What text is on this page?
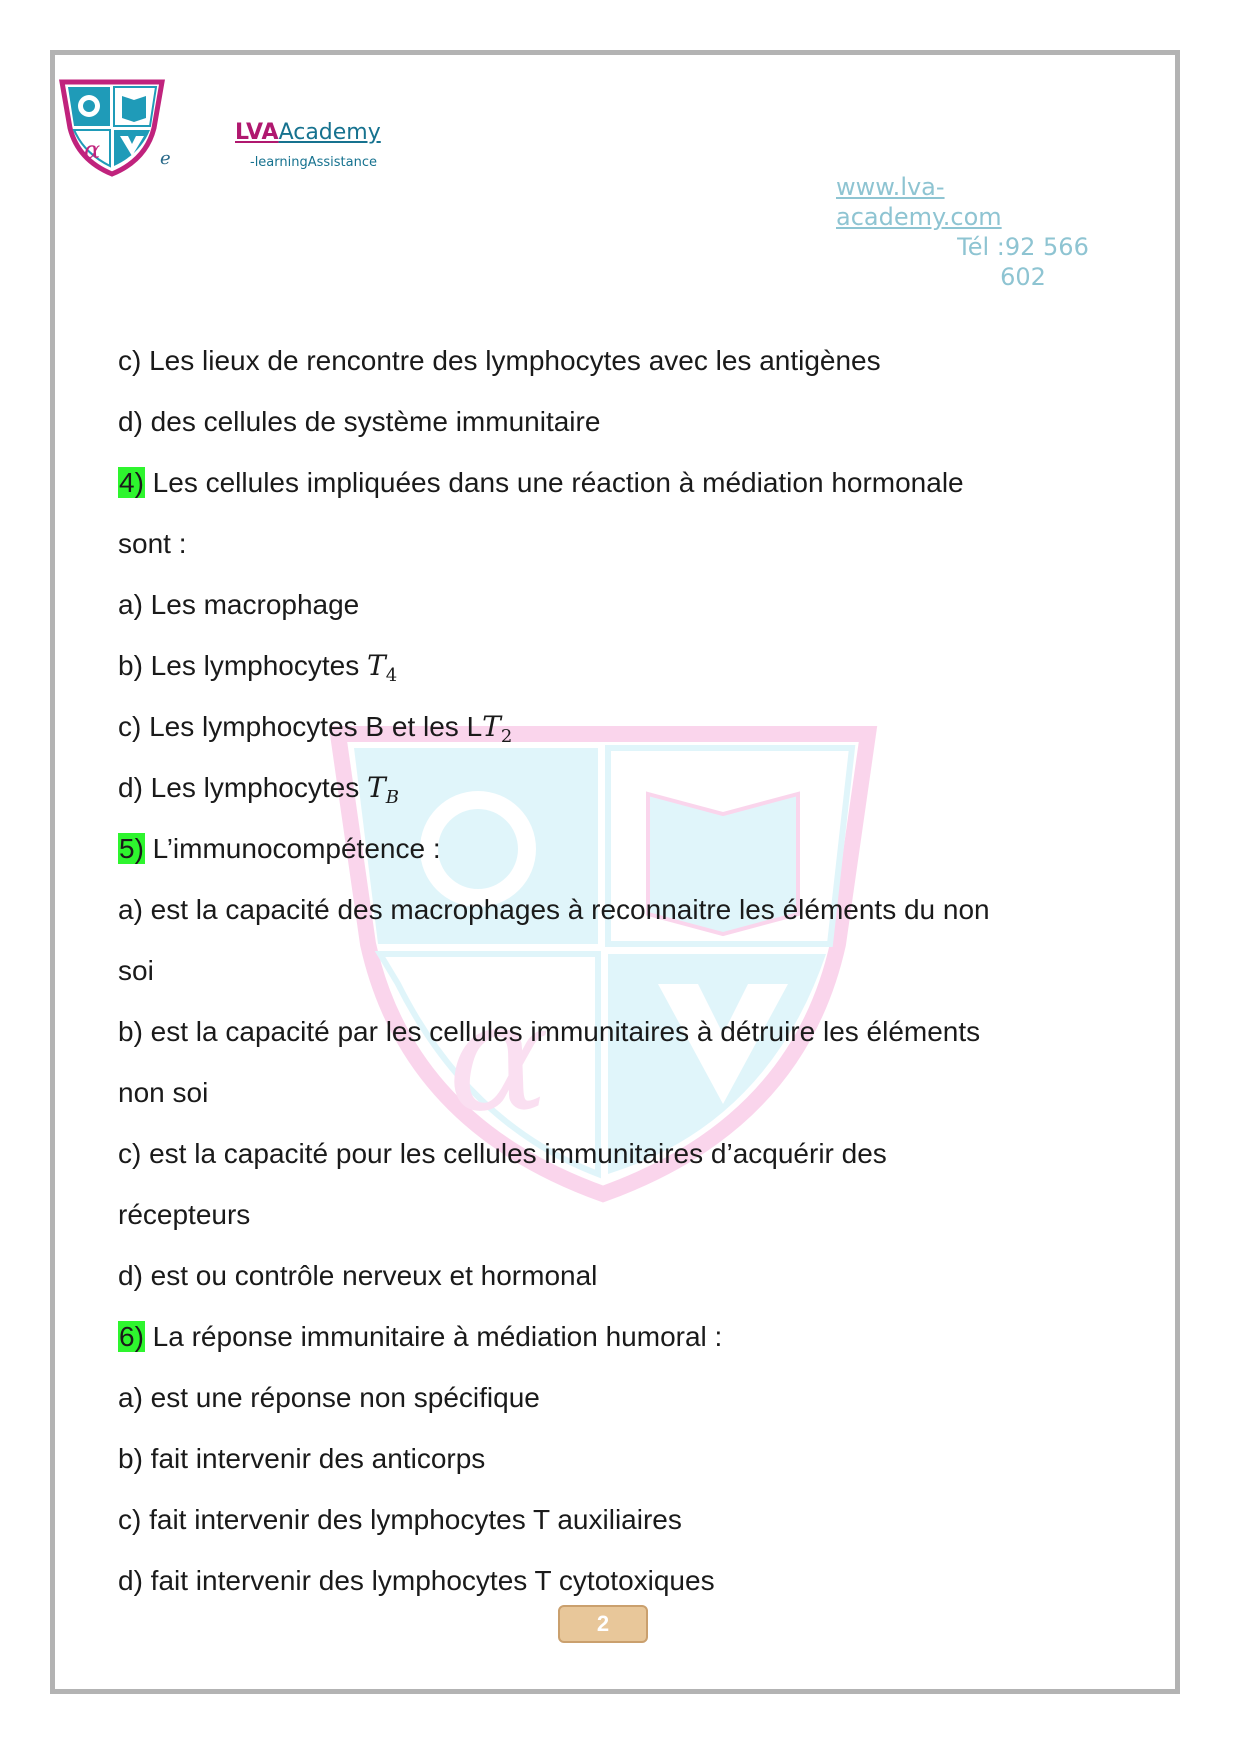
α	e
LVAAcademy
-learningAssistance
www.lva-
academy.com
Tél :92 566
602
α
c) Les lieux de rencontre des lymphocytes avec les antigènes
d) des cellules de système immunitaire
4) Les cellules impliquées dans une réaction à médiation hormonale
sont :
a) Les macrophage
b) Les lymphocytes $T_4$
c) Les lymphocytes B et les $LT_2$
d) Les lymphocytes $T_B$
5) L’immunocompétence :
a) est la capacité des macrophages à reconnaitre les éléments du non
soi
b) est la capacité par les cellules immunitaires à détruire les éléments
non soi
c) est la capacité pour les cellules immunitaires d’acquérir des
récepteurs
d) est ou contrôle nerveux et hormonal
6) La réponse immunitaire à médiation humoral :
a) est une réponse non spécifique
b) fait intervenir des anticorps
c) fait intervenir des lymphocytes T auxiliaires
d) fait intervenir des lymphocytes T cytotoxiques
2
